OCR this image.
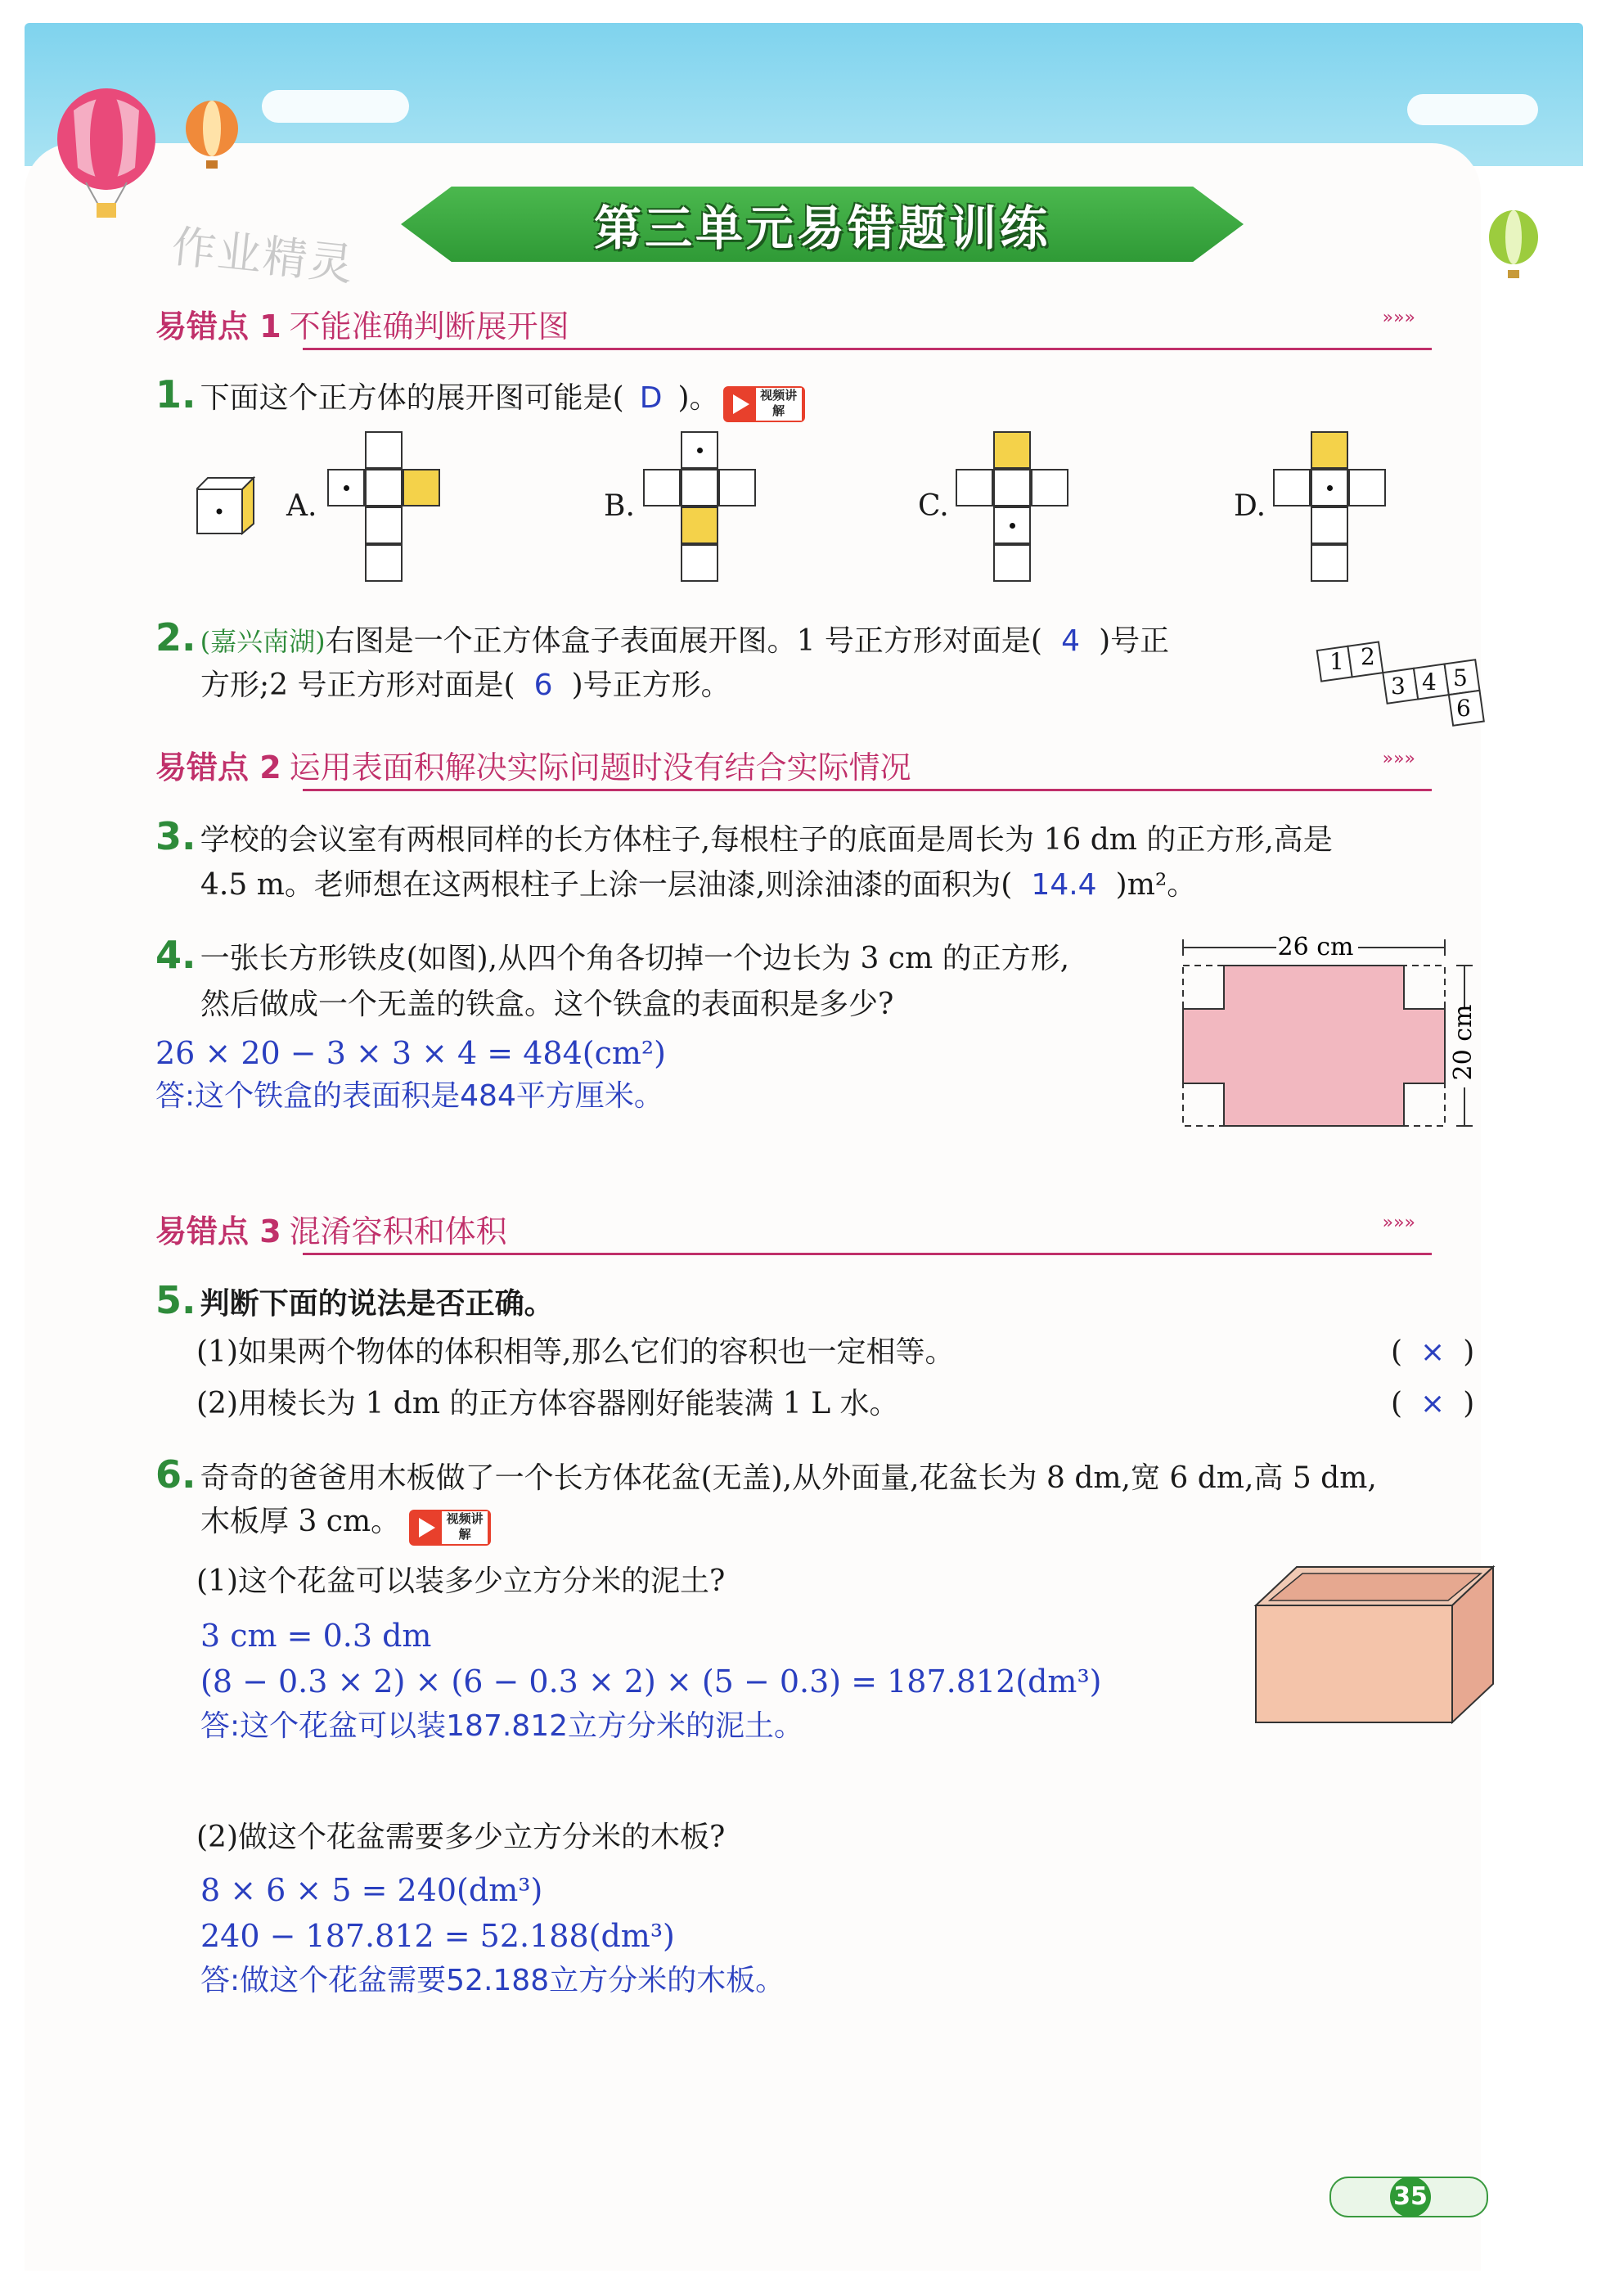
作业精灵	第三单元易错题训练
易错点 1 不能准确判断展开图	»»»
1. 下面这个正方体的展开图可能是( D )。	视频讲解
A.	B.	C.	D.
2. (嘉兴南湖)右图是一个正方体盒子表面展开图。1 号正方形对面是( 4 )号正
方形;2 号正方形对面是( 6 )号正方形。
1 2
3 4 5
6
易错点 2 运用表面积解决实际问题时没有结合实际情况	»»»
3. 学校的会议室有两根同样的长方体柱子,每根柱子的底面是周长为 16 dm 的正方形,高是
4.5 m。老师想在这两根柱子上涂一层油漆,则涂油漆的面积为( 14.4 )m²。
4. 一张长方形铁皮(如图),从四个角各切掉一个边长为 3 cm 的正方形,
然后做成一个无盖的铁盒。这个铁盒的表面积是多少?
26 × 20 − 3 × 3 × 4 = 484(cm²)
答:这个铁盒的表面积是484平方厘米。
26 cm
20 cm
易错点 3 混淆容积和体积	»»»
5. 判断下面的说法是否正确。
(1)如果两个物体的体积相等,那么它们的容积也一定相等。	( × )
(2)用棱长为 1 dm 的正方体容器刚好能装满 1 L 水。	( × )
6. 奇奇的爸爸用木板做了一个长方体花盆(无盖),从外面量,花盆长为 8 dm,宽 6 dm,高 5 dm,
木板厚 3 cm。	视频讲解
(1)这个花盆可以装多少立方分米的泥土?
3 cm = 0.3 dm
(8 − 0.3 × 2) × (6 − 0.3 × 2) × (5 − 0.3) = 187.812(dm³)
答:这个花盆可以装187.812立方分米的泥土。
(2)做这个花盆需要多少立方分米的木板?
8 × 6 × 5 = 240(dm³)
240 − 187.812 = 52.188(dm³)
答:做这个花盆需要52.188立方分米的木板。
35
